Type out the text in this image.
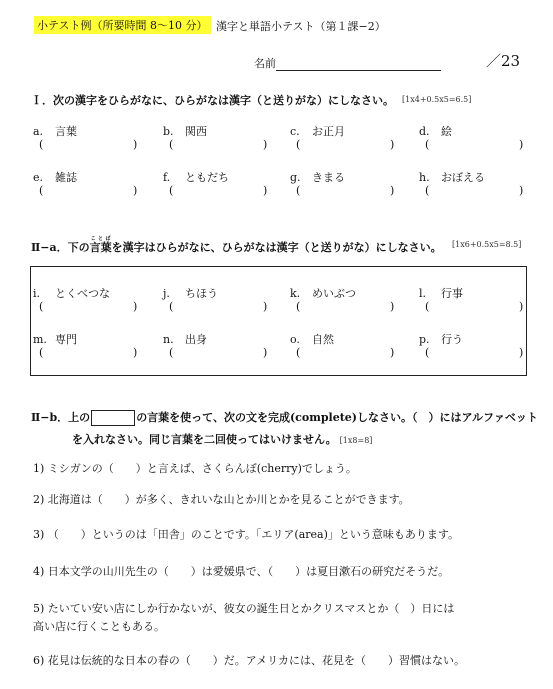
小テスト例（所要時間 8〜10 分） 漢字と単語小テスト（第１課−2）
名前	／23
Ｉ．次の漢字をひらがなに、ひらがなは漢字（と送りがな）にしなさい。 [1x4+0.5x5=6.5]
a. 言葉
(	)
b. 関西
(	)
c. お正月
(	)
d. 絵
(	)
e. 雑誌
(	)
f. ともだち
(	)
g. きまる
(	)
h. おぼえる
(	)
Ⅱ−a．下の言葉ことばを漢字はひらがなに、ひらがなは漢字（と送りがな）にしなさい。 [1x6+0.5x5=8.5]
i. とくべつな
(	)
j. ちほう
(	)
k. めいぶつ
(	)
l. 行事
(	)
m. 専門
(	)
n. 出身
(	)
o. 自然
(	)
p. 行う
(	)
Ⅱ−b．上の	の言葉を使って、次の文を完成(complete)しなさい。（　）にはアルファベット
を入れなさい。同じ言葉を二回使ってはいけません。 [1x8=8]
1) ミシガンの（　　）と言えば、さくらんぼ(cherry)でしょう。
2) 北海道は（　　）が多く、きれいな山とか川とかを見ることができます。
3) （　　）というのは「田舎」のことです。「エリア(area)」という意味もあります。
4) 日本文学の山川先生の（　　）は愛媛県で、（　　）は夏目漱石の研究だそうだ。
5) たいてい安い店にしか行かないが、彼女の誕生日とかクリスマスとか（　）日には
高い店に行くこともある。
6) 花見は伝統的な日本の春の（　　）だ。アメリカには、花見を（　　）習慣はない。
